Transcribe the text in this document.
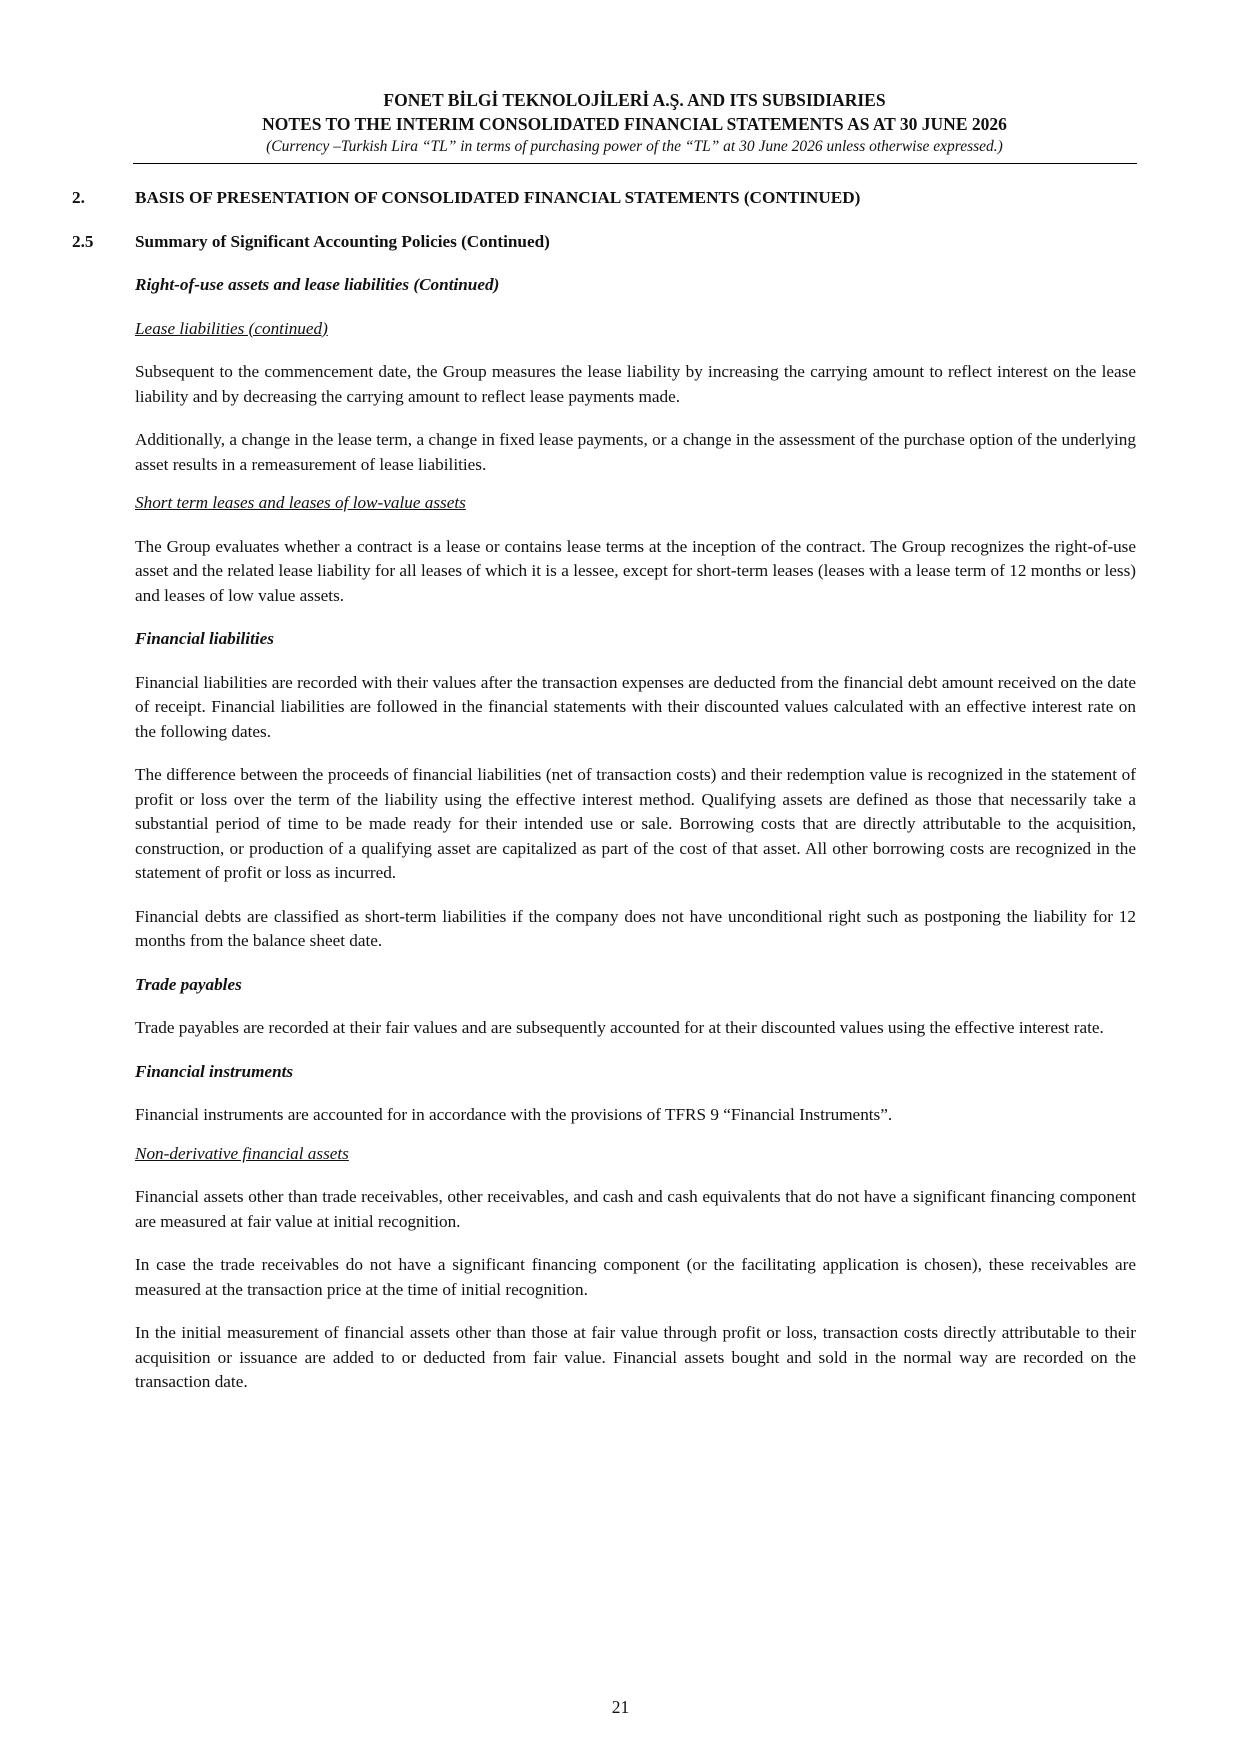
FONET BİLGİ TEKNOLOJİLERİ A.Ş. AND ITS SUBSIDIARIES
NOTES TO THE INTERIM CONSOLIDATED FINANCIAL STATEMENTS AS AT 30 JUNE 2026
(Currency –Turkish Lira “TL” in terms of purchasing power of the “TL” at 30 June 2026 unless otherwise expressed.)
2.	BASIS OF PRESENTATION OF CONSOLIDATED FINANCIAL STATEMENTS (CONTINUED)
2.5	Summary of Significant Accounting Policies (Continued)

Right-of-use assets and lease liabilities (Continued)

Lease liabilities (continued)

Subsequent to the commencement date, the Group measures the lease liability by increasing the carrying amount to reflect interest on the lease liability and by decreasing the carrying amount to reflect lease payments made.

Additionally, a change in the lease term, a change in fixed lease payments, or a change in the assessment of the purchase option of the underlying asset results in a remeasurement of lease liabilities.

Short term leases and leases of low-value assets

The Group evaluates whether a contract is a lease or contains lease terms at the inception of the contract. The Group recognizes the right-of-use asset and the related lease liability for all leases of which it is a lessee, except for short-term leases (leases with a lease term of 12 months or less) and leases of low value assets.

Financial liabilities

Financial liabilities are recorded with their values after the transaction expenses are deducted from the financial debt amount received on the date of receipt. Financial liabilities are followed in the financial statements with their discounted values calculated with an effective interest rate on the following dates.

The difference between the proceeds of financial liabilities (net of transaction costs) and their redemption value is recognized in the statement of profit or loss over the term of the liability using the effective interest method. Qualifying assets are defined as those that necessarily take a substantial period of time to be made ready for their intended use or sale. Borrowing costs that are directly attributable to the acquisition, construction, or production of a qualifying asset are capitalized as part of the cost of that asset. All other borrowing costs are recognized in the statement of profit or loss as incurred.

Financial debts are classified as short-term liabilities if the company does not have unconditional right such as postponing the liability for 12 months from the balance sheet date.

Trade payables

Trade payables are recorded at their fair values and are subsequently accounted for at their discounted values using the effective interest rate.

Financial instruments

Financial instruments are accounted for in accordance with the provisions of TFRS 9 “Financial Instruments”.

Non-derivative financial assets

Financial assets other than trade receivables, other receivables, and cash and cash equivalents that do not have a significant financing component are measured at fair value at initial recognition.

In case the trade receivables do not have a significant financing component (or the facilitating application is chosen), these receivables are measured at the transaction price at the time of initial recognition.

In the initial measurement of financial assets other than those at fair value through profit or loss, transaction costs directly attributable to their acquisition or issuance are added to or deducted from fair value. Financial assets bought and sold in the normal way are recorded on the transaction date.

21
